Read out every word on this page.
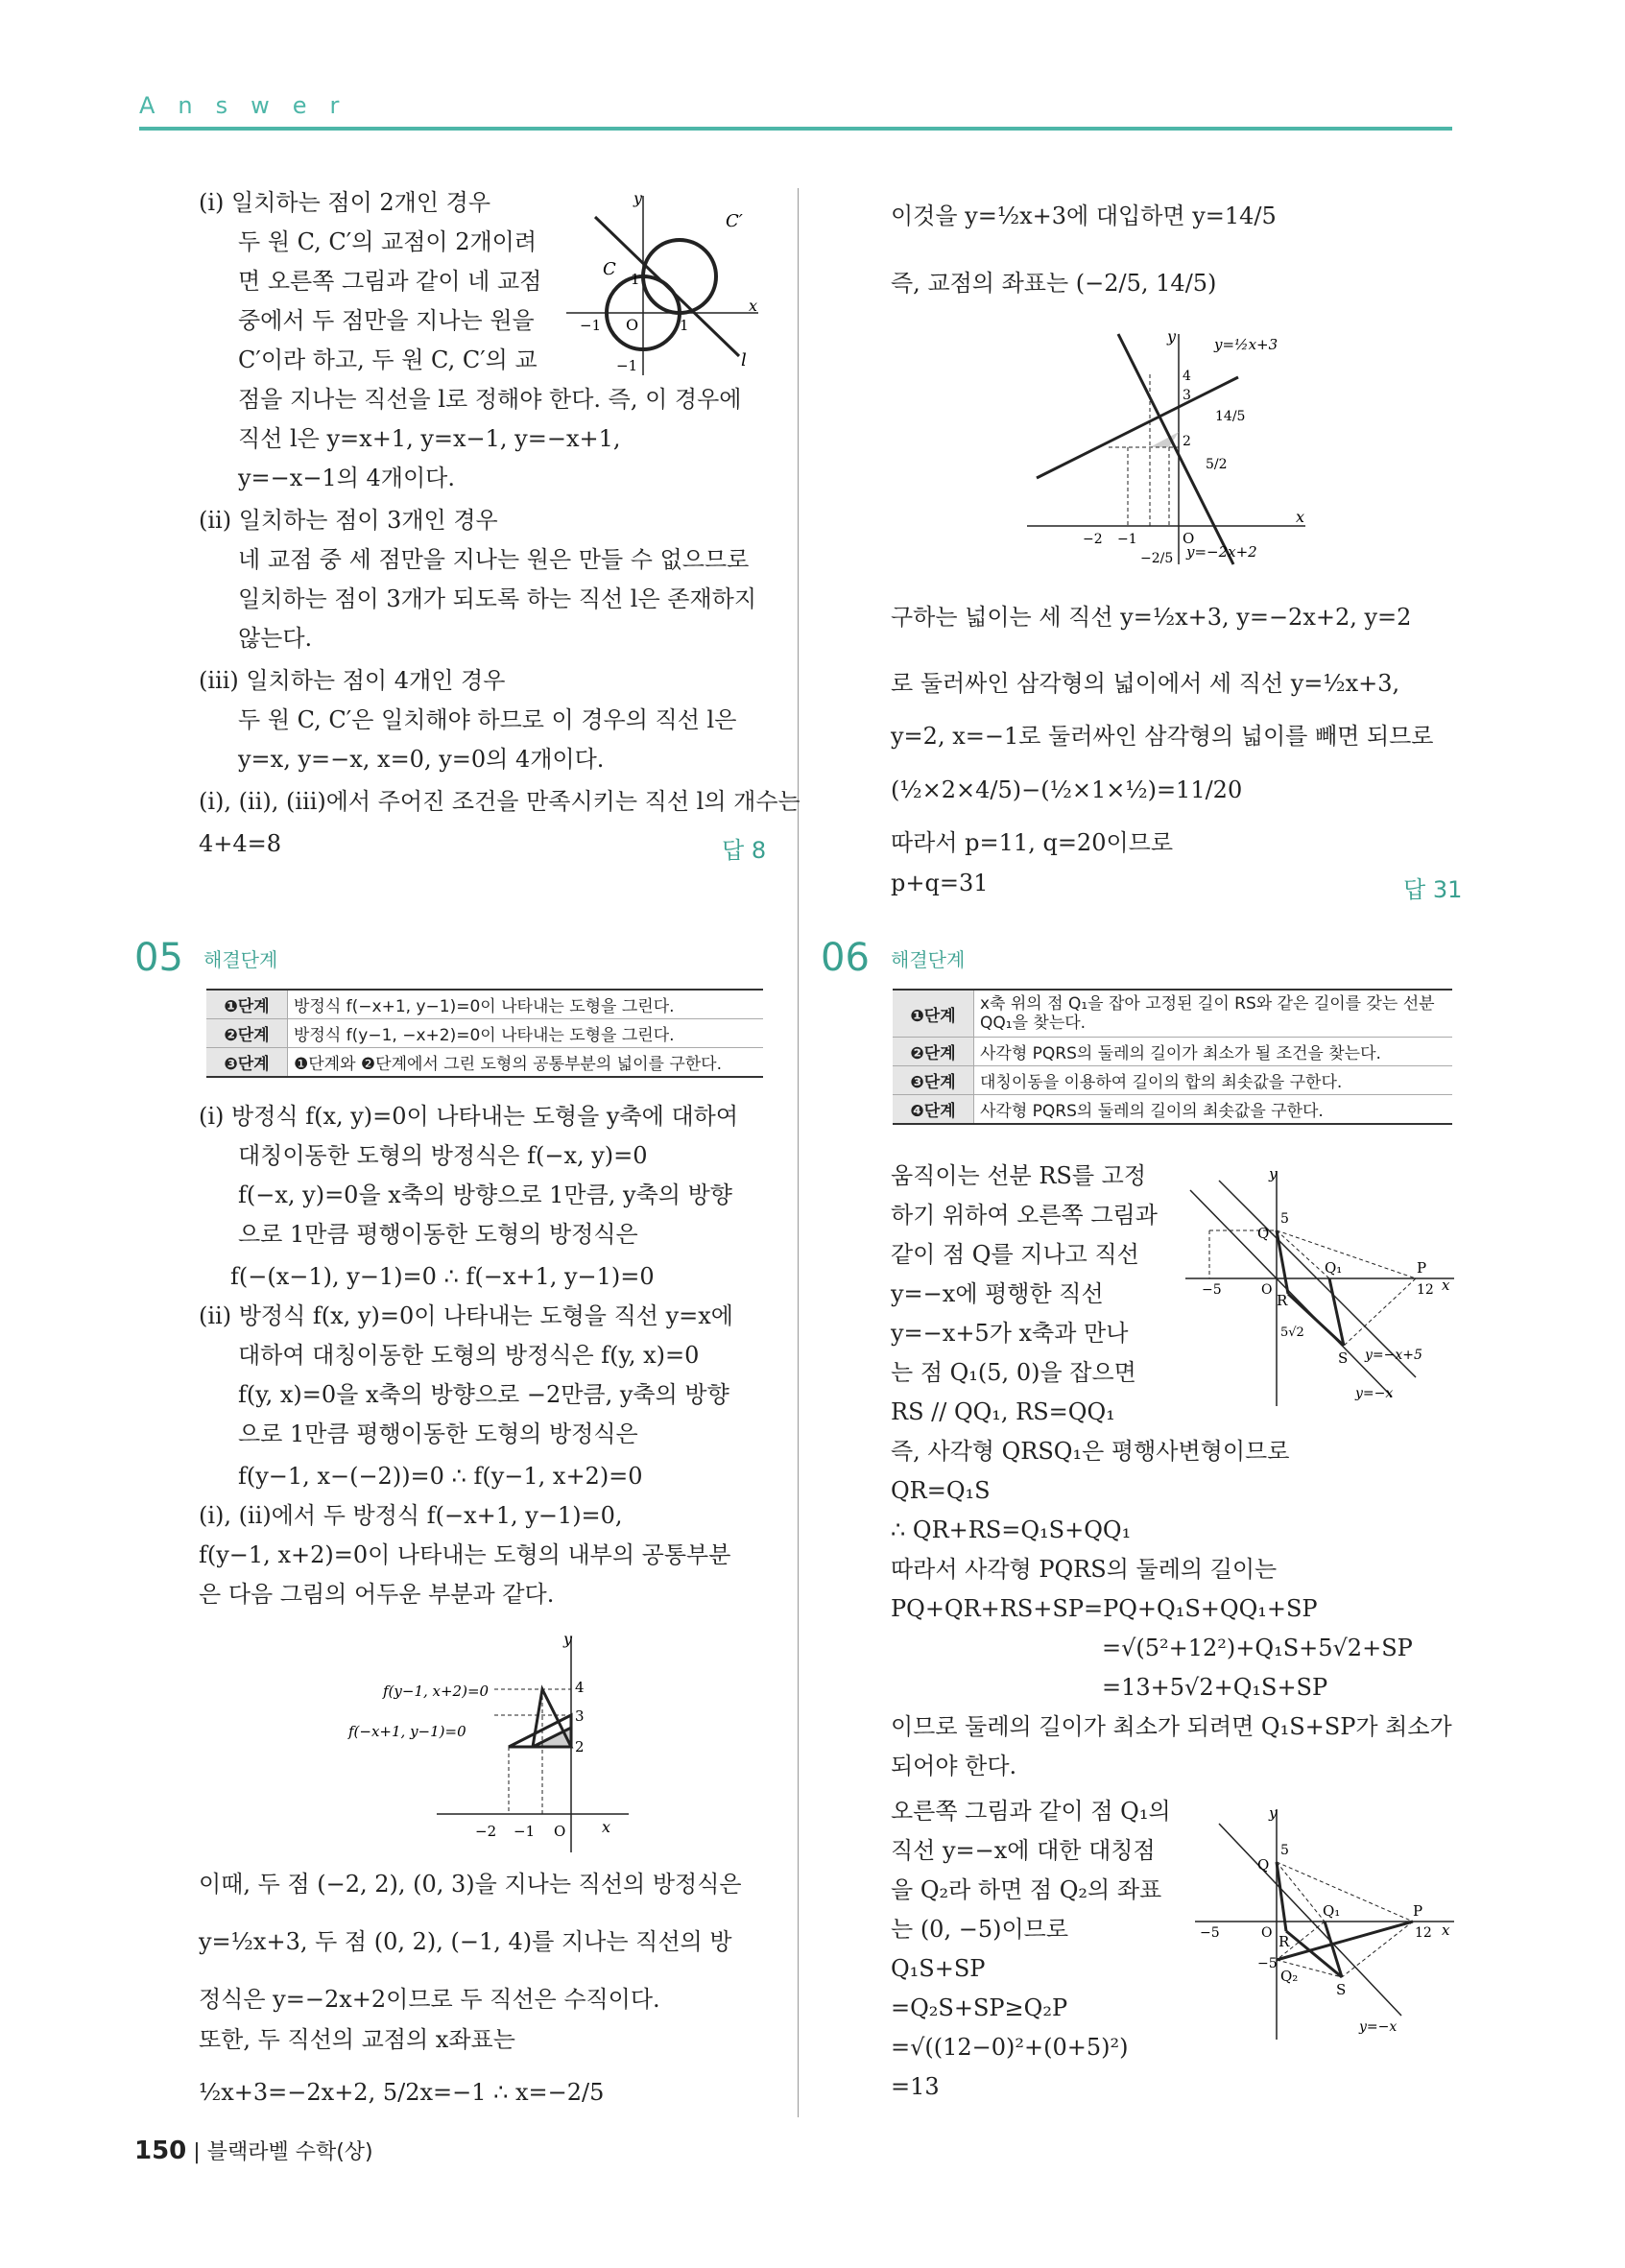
Answer
(ⅰ) 일치하는 점이 2개인 경우
두 원 C, C′의 교점이 2개이려
면 오른쪽 그림과 같이 네 교점
중에서 두 점만을 지나는 원을
C′이라 하고, 두 원 C, C′의 교
점을 지나는 직선을 l로 정해야 한다. 즉, 이 경우에
직선 l은 y=x+1, y=x−1, y=−x+1,
y=−x−1의 4개이다.
(ⅱ) 일치하는 점이 3개인 경우
네 교점 중 세 점만을 지나는 원은 만들 수 없으므로
일치하는 점이 3개가 되도록 하는 직선 l은 존재하지
않는다.
(ⅲ) 일치하는 점이 4개인 경우
두 원 C, C′은 일치해야 하므로 이 경우의 직선 l은
y=x, y=−x, x=0, y=0의 4개이다.
(ⅰ), (ⅱ), (ⅲ)에서 주어진 조건을 만족시키는 직선 l의 개수는
4+4=8	답 8
y
x
O
C
C′
l
1
−1	1
−1
이것을 y=½x+3에 대입하면 y=14/5
즉, 교점의 좌표는 (−2/5, 14/5)
구하는 넓이는 세 직선 y=½x+3, y=−2x+2, y=2
로 둘러싸인 삼각형의 넓이에서 세 직선 y=½x+3,
y=2, x=−1로 둘러싸인 삼각형의 넓이를 빼면 되므로
(½×2×4/5)−(½×1×½)=11/20
따라서 p=11, q=20이므로
p+q=31	답 31
y
x
y=½x+3
y=−2x+2
4
3
14/5
2
5/2
−2 −1
−2/5
O
05 해결단계
❶단계	방정식 f(−x+1, y−1)=0이 나타내는 도형을 그린다.
❷단계	방정식 f(y−1, −x+2)=0이 나타내는 도형을 그린다.
❸단계	❶단계와 ❷단계에서 그린 도형의 공통부분의 넓이를 구한다.
(ⅰ) 방정식 f(x, y)=0이 나타내는 도형을 y축에 대하여
대칭이동한 도형의 방정식은 f(−x, y)=0
f(−x, y)=0을 x축의 방향으로 1만큼, y축의 방향
으로 1만큼 평행이동한 도형의 방정식은
f(−(x−1), y−1)=0 ∴ f(−x+1, y−1)=0
(ⅱ) 방정식 f(x, y)=0이 나타내는 도형을 직선 y=x에
대하여 대칭이동한 도형의 방정식은 f(y, x)=0
f(y, x)=0을 x축의 방향으로 −2만큼, y축의 방향
으로 1만큼 평행이동한 도형의 방정식은
f(y−1, x−(−2))=0 ∴ f(y−1, x+2)=0
(ⅰ), (ⅱ)에서 두 방정식 f(−x+1, y−1)=0,
f(y−1, x+2)=0이 나타내는 도형의 내부의 공통부분
은 다음 그림의 어두운 부분과 같다.
이때, 두 점 (−2, 2), (0, 3)을 지나는 직선의 방정식은
y=½x+3, 두 점 (0, 2), (−1, 4)를 지나는 직선의 방
정식은 y=−2x+2이므로 두 직선은 수직이다.
또한, 두 직선의 교점의 x좌표는
½x+3=−2x+2, 5/2x=−1 ∴ x=−2/5
y
x
4
3
2
−2 −1 O
f(y−1, x+2)=0
f(−x+1, y−1)=0
06 해결단계
❶단계	x축 위의 점 Q₁을 잡아 고정된 길이 RS와 같은 길이를 갖는 선분 QQ₁을 찾는다.
❷단계	사각형 PQRS의 둘레의 길이가 최소가 될 조건을 찾는다.
❸단계	대칭이동을 이용하여 길이의 합의 최솟값을 구한다.
❹단계	사각형 PQRS의 둘레의 길이의 최솟값을 구한다.
움직이는 선분 RS를 고정
하기 위하여 오른쪽 그림과
같이 점 Q를 지나고 직선
y=−x에 평행한 직선
y=−x+5가 x축과 만나
는 점 Q₁(5, 0)을 잡으면
RS // QQ₁, RS=QQ₁
즉, 사각형 QRSQ₁은 평행사변형이므로
QR=Q₁S
∴ QR+RS=Q₁S+QQ₁
따라서 사각형 PQRS의 둘레의 길이는
PQ+QR+RS+SP=PQ+Q₁S+QQ₁+SP
=√(5²+12²)+Q₁S+5√2+SP
=13+5√2+Q₁S+SP
이므로 둘레의 길이가 최소가 되려면 Q₁S+SP가 최소가
되어야 한다.
오른쪽 그림과 같이 점 Q₁의
직선 y=−x에 대한 대칭점
을 Q₂라 하면 점 Q₂의 좌표
는 (0, −5)이므로
Q₁S+SP
=Q₂S+SP≥Q₂P
=√((12−0)²+(0+5)²)
=13
y
x
O
−5
5
12
Q
Q₁
R
S
P
5√2
y=−x+5
y=−x
y
x
O
−5
5
12
−5
Q
Q₁
R
S
P
Q₂
y=−x
150 | 블랙라벨 수학(상)
